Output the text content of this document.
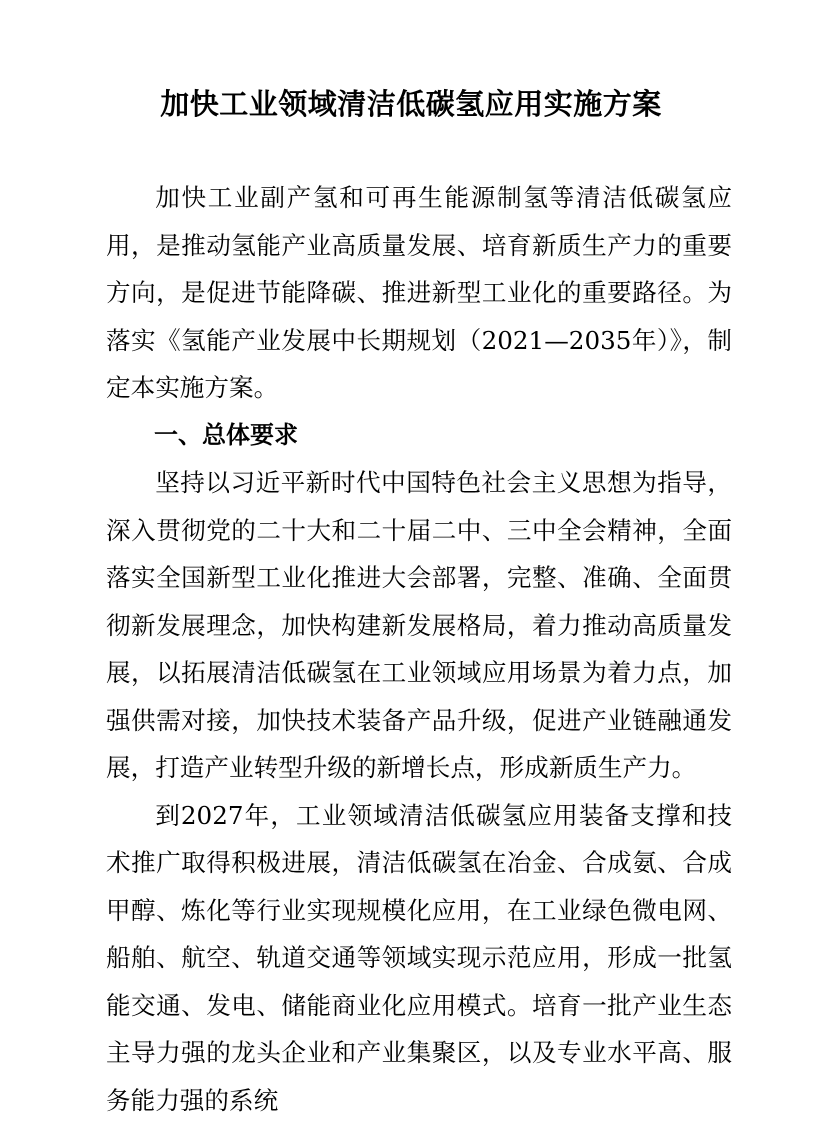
加快工业领域清洁低碳氢应用实施方案

加快工业副产氢和可再生能源制氢等清洁低碳氢应用，是推动氢能产业高质量发展、培育新质生产力的重要方向，是促进节能降碳、推进新型工业化的重要路径。为落实《氢能产业发展中长期规划（2021—2035年）》，制定本实施方案。

一、总体要求

坚持以习近平新时代中国特色社会主义思想为指导，深入贯彻党的二十大和二十届二中、三中全会精神，全面落实全国新型工业化推进大会部署，完整、准确、全面贯彻新发展理念，加快构建新发展格局，着力推动高质量发展，以拓展清洁低碳氢在工业领域应用场景为着力点，加强供需对接，加快技术装备产品升级，促进产业链融通发展，打造产业转型升级的新增长点，形成新质生产力。

到2027年，工业领域清洁低碳氢应用装备支撑和技术推广取得积极进展，清洁低碳氢在冶金、合成氨、合成甲醇、炼化等行业实现规模化应用，在工业绿色微电网、船舶、航空、轨道交通等领域实现示范应用，形成一批氢能交通、发电、储能商业化应用模式。培育一批产业生态主导力强的龙头企业和产业集聚区，以及专业水平高、服务能力强的系统
